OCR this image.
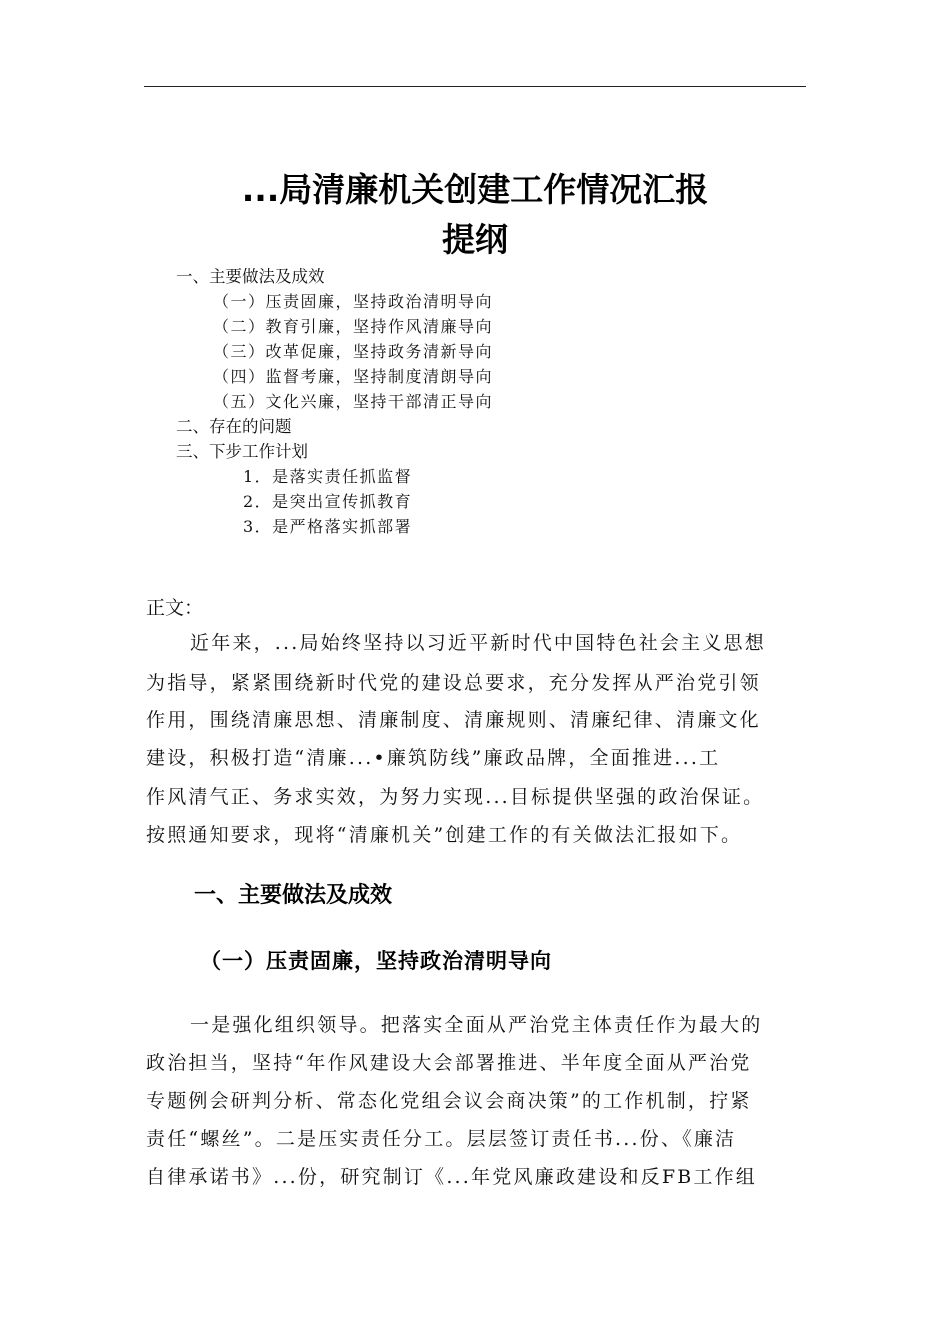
...局清廉机关创建工作情况汇报
提纲
一、主要做法及成效
（一）压责固廉，坚持政治清明导向
（二）教育引廉，坚持作风清廉导向
（三）改革促廉，坚持政务清新导向
（四）监督考廉，坚持制度清朗导向
（五）文化兴廉，坚持干部清正导向
二、存在的问题
三、下步工作计划
1．是落实责任抓监督
2．是突出宣传抓教育
3．是严格落实抓部署
正文：
近年来，...局始终坚持以习近平新时代中国特色社会主义思想
为指导，紧紧围绕新时代党的建设总要求，充分发挥从严治党引领
作用，围绕清廉思想、清廉制度、清廉规则、清廉纪律、清廉文化
建设，积极打造“清廉...•廉筑防线”廉政品牌，全面推进...工
作风清气正、务求实效，为努力实现...目标提供坚强的政治保证。
按照通知要求，现将“清廉机关”创建工作的有关做法汇报如下。
一、主要做法及成效
（一）压责固廉，坚持政治清明导向
一是强化组织领导。把落实全面从严治党主体责任作为最大的
政治担当，坚持“年作风建设大会部署推进、半年度全面从严治党
专题例会研判分析、常态化党组会议会商决策”的工作机制，拧紧
责任“螺丝”。二是压实责任分工。层层签订责任书...份、《廉洁
自律承诺书》...份，研究制订《...年党风廉政建设和反FB工作组
